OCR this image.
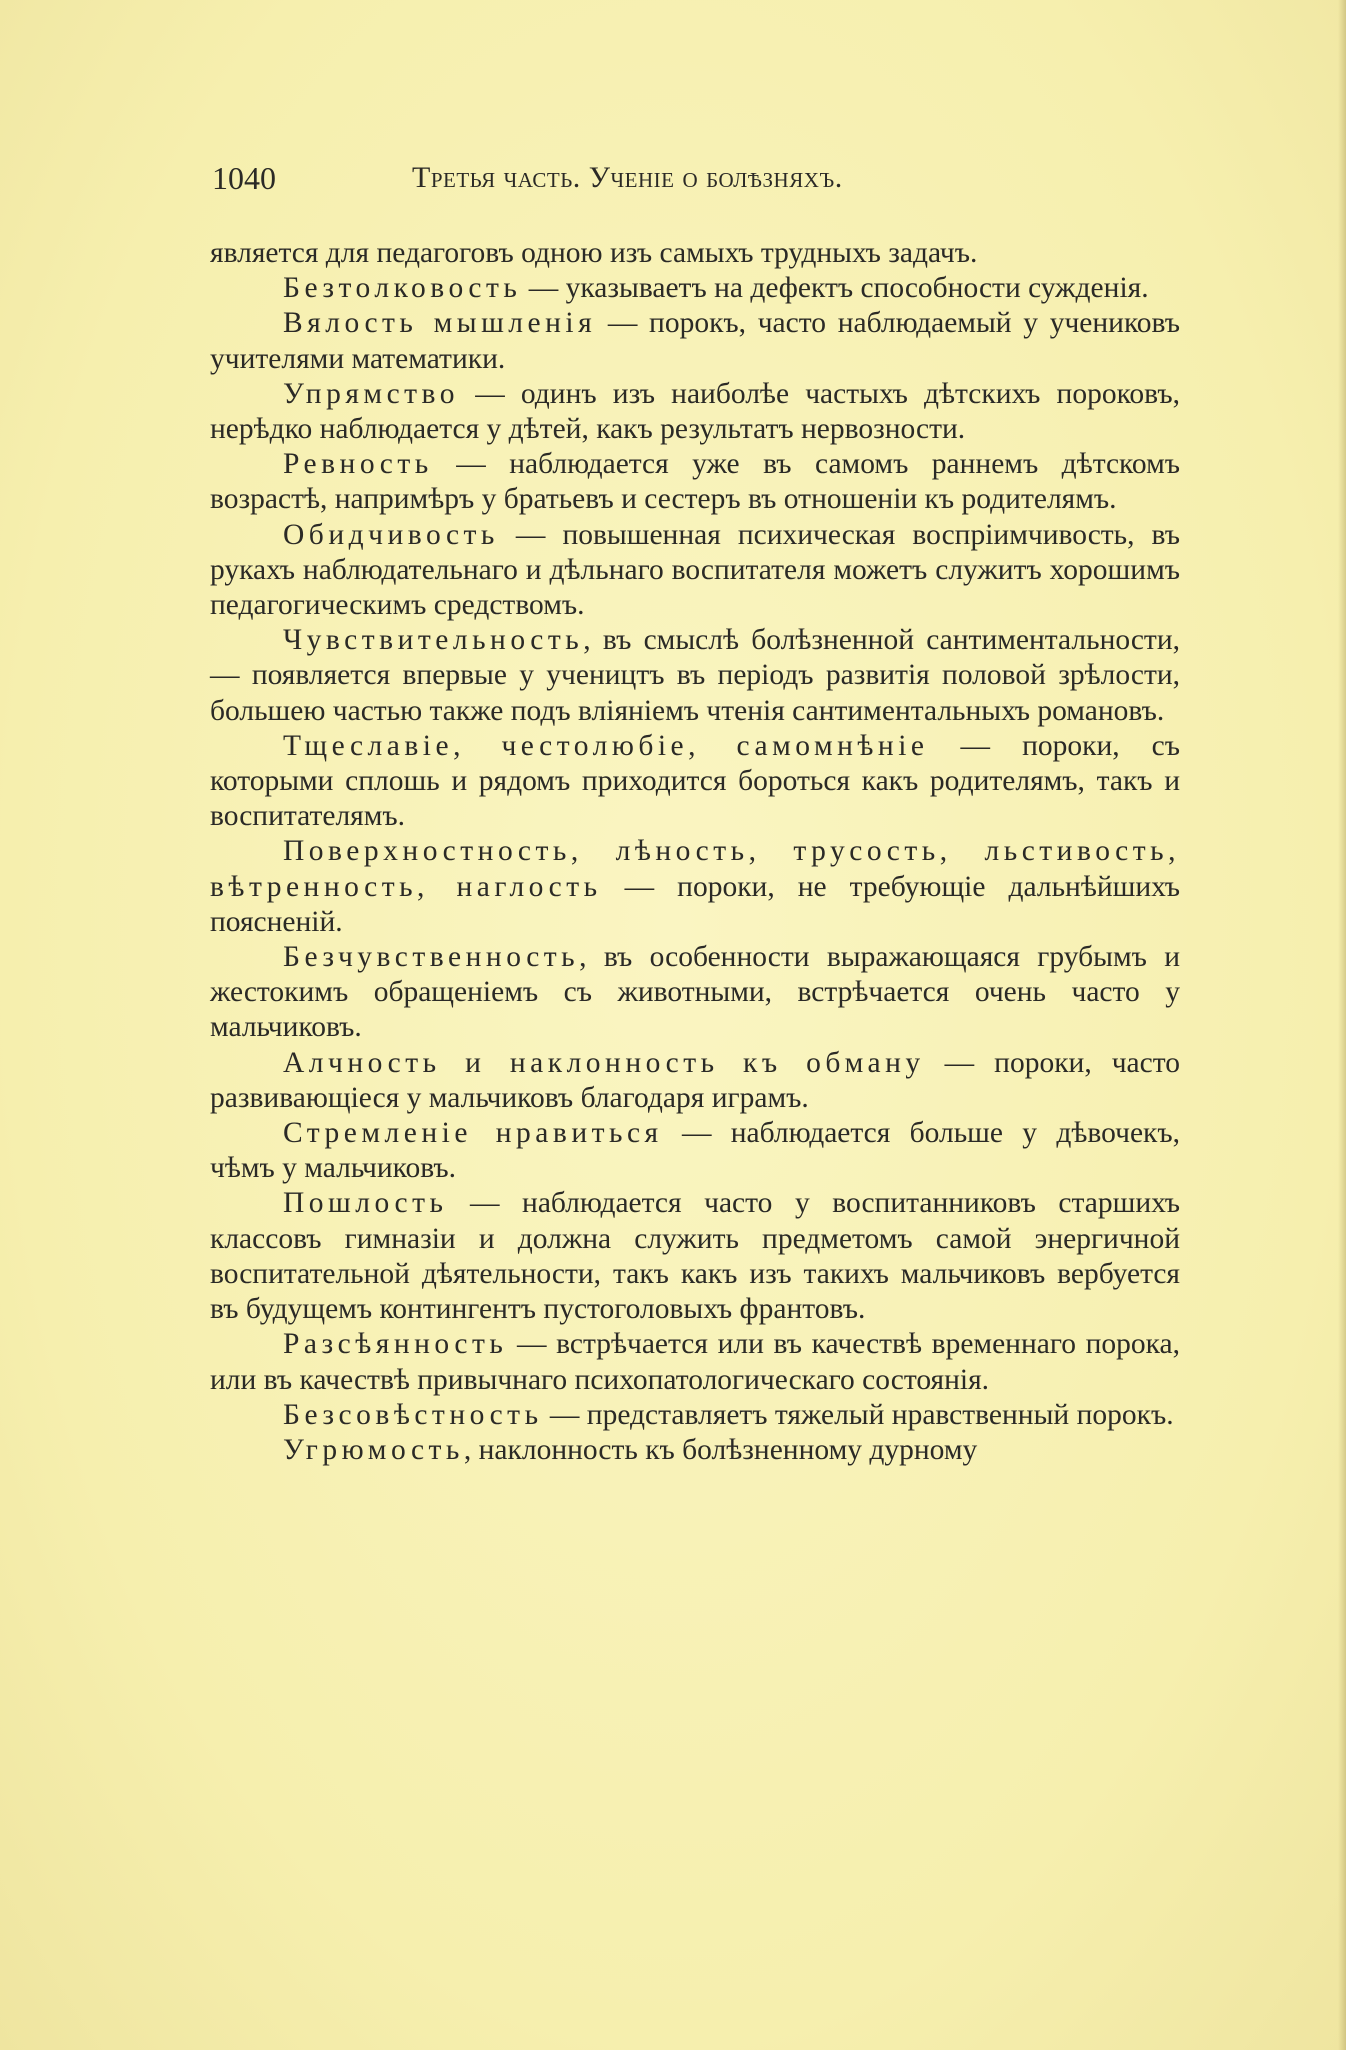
1040	Третья часть. Ученіе о болѣзняхъ.

является для педагоговъ одною изъ самыхъ трудныхъ задачъ.

Безтолковость — указываетъ на дефектъ способности сужденія.

Вялость мышленія — порокъ, часто наблюдаемый у учениковъ учителями математики.

Упрямство — одинъ изъ наиболѣе частыхъ дѣтскихъ пороковъ, нерѣдко наблюдается у дѣтей, какъ результатъ нервозности.

Ревность — наблюдается уже въ самомъ раннемъ дѣтскомъ возрастѣ, напримѣръ у братьевъ и сестеръ въ отношеніи къ родителямъ.

Обидчивость — повышенная психическая воспріимчивость, въ рукахъ наблюдательнаго и дѣльнаго воспитателя можетъ служитъ хорошимъ педагогическимъ средствомъ.

Чувствительность, въ смыслѣ болѣзненной сантиментальности, — появляется впервые у учеництъ въ періодъ развитія половой зрѣлости, большею частью также подъ вліяніемъ чтенія сантиментальныхъ романовъ.

Тщеславіе, честолюбіе, самомнѣніе — пороки, съ которыми сплошь и рядомъ приходится бороться какъ родителямъ, такъ и воспитателямъ.

Поверхностность, лѣность, трусость, льстивость, вѣтренность, наглость — пороки, не требующіе дальнѣйшихъ поясненій.

Безчувственность, въ особенности выражающаяся грубымъ и жестокимъ обращеніемъ съ животными, встрѣчается очень часто у мальчиковъ.

Алчность и наклонность къ обману — пороки, часто развивающіеся у мальчиковъ благодаря играмъ.

Стремленіе нравиться — наблюдается больше у дѣвочекъ, чѣмъ у мальчиковъ.

Пошлость — наблюдается часто у воспитанниковъ старшихъ классовъ гимназіи и должна служить предметомъ самой энергичной воспитательной дѣятельности, такъ какъ изъ такихъ мальчиковъ вербуется въ будущемъ контингентъ пустоголовыхъ франтовъ.

Разсѣянность — встрѣчается или въ качествѣ временнаго порока, или въ качествѣ привычнаго психопатологическаго состоянія.

Безсовѣстность — представляетъ тяжелый нравственный порокъ.

Угрюмость, наклонность къ болѣзненному дурному
